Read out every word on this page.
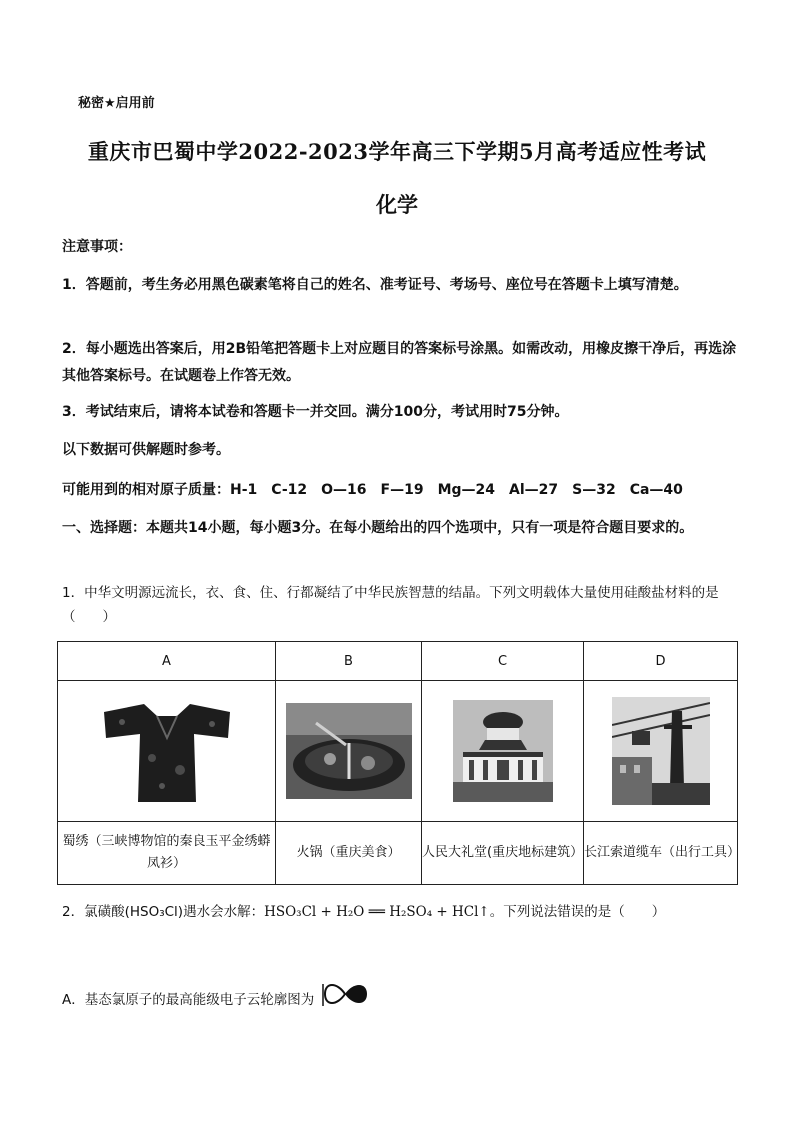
秘密★启用前
重庆市巴蜀中学2022-2023学年高三下学期5月高考适应性考试
化学
注意事项：
1．答题前，考生务必用黑色碳素笔将自己的姓名、准考证号、考场号、座位号在答题卡上填写清楚。
2．每小题选出答案后，用2B铅笔把答题卡上对应题目的答案标号涂黑。如需改动，用橡皮擦干净后，再选涂其他答案标号。在试题卷上作答无效。
3．考试结束后，请将本试卷和答题卡一并交回。满分100分，考试用时75分钟。
以下数据可供解题时参考。
可能用到的相对原子质量：H-1　C-12　O—16　F—19　Mg—24　Al—27　S—32　Ca—40
一、选择题：本题共14小题，每小题3分。在每小题给出的四个选项中，只有一项是符合题目要求的。
1．中华文明源远流长，衣、食、住、行都凝结了中华民族智慧的结晶。下列文明载体大量使用硅酸盐材料的是（　　）
A	B	C	D

蜀绣（三峡博物馆的秦良玉平金绣蟒凤衫）	火锅（重庆美食）	人民大礼堂(重庆地标建筑）	长江索道缆车（出行工具）
2．氯磺酸(HSO₃Cl)遇水会水解：HSO₃Cl + H₂O ══ H₂SO₄ + HCl↑。下列说法错误的是（　　）
A．基态氯原子的最高能级电子云轮廓图为
